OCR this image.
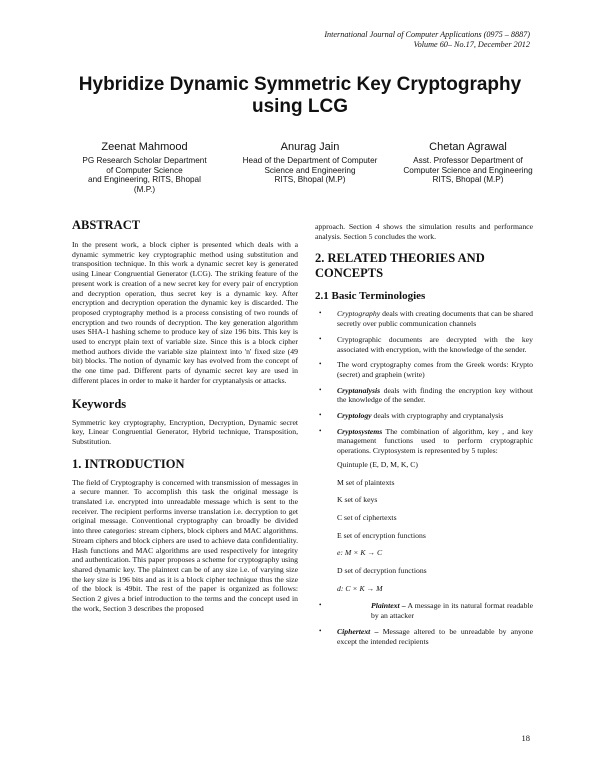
International Journal of Computer Applications (0975 – 8887)
Volume 60– No.17, December 2012
Hybridize Dynamic Symmetric Key Cryptography
using LCG
Zeenat Mahmood
PG Research Scholar Department
of Computer Science
and Engineering, RITS, Bhopal
(M.P.)
Anurag Jain
Head of the Department of Computer
Science and Engineering
RITS, Bhopal (M.P)
Chetan Agrawal
Asst. Professor Department of
Computer Science and Engineering
RITS, Bhopal (M.P)
ABSTRACT

In the present work, a block cipher is presented which deals with a dynamic symmetric key cryptographic method using substitution and transposition technique. In this work a dynamic secret key is generated using Linear Congruential Generator (LCG). The striking feature of the present work is creation of a new secret key for every pair of encryption and decryption operation, thus secret key is a dynamic key. After encryption and decryption operation the dynamic key is discarded. The proposed cryptography method is a process consisting of two rounds of encryption and two rounds of decryption. The key generation algorithm uses SHA-1 hashing scheme to produce key of size 196 bits. This key is used to encrypt plain text of variable size. Since this is a block cipher method authors divide the variable size plaintext into 'n' fixed size (49 bit) blocks. The notion of dynamic key has evolved from the concept of the one time pad. Different parts of dynamic secret key are used in different places in order to make it harder for cryptanalysis or attacks.

Keywords

Symmetric key cryptography, Encryption, Decryption, Dynamic secret key, Linear Congruential Generator, Hybrid technique, Transposition, Substitution.

1. INTRODUCTION

The field of Cryptography is concerned with transmission of messages in a secure manner. To accomplish this task the original message is translated i.e. encrypted into unreadable message which is sent to the receiver. The recipient performs inverse translation i.e. decryption to get original message. Conventional cryptography can broadly be divided into three categories: stream ciphers, block ciphers and MAC algorithms. Stream ciphers and block ciphers are used to achieve data confidentiality. Hash functions and MAC algorithms are used respectively for integrity and authentication. This paper proposes a scheme for cryptography using shared dynamic key. The plaintext can be of any size i.e. of varying size the key size is 196 bits and as it is a block cipher technique thus the size of the block is 49bit. The rest of the paper is organized as follows: Section 2 gives a brief introduction to the terms and the concept used in the work, Section 3 describes the proposed

approach. Section 4 shows the simulation results and performance analysis. Section 5 concludes the work.

2. RELATED THEORIES AND
CONCEPTS
2.1 Basic Terminologies
• Cryptography deals with creating documents that can be shared secretly over public communication channels
• Cryptographic documents are decrypted with the key associated with encryption, with the knowledge of the sender.
• The word cryptography comes from the Greek words: Krypto (secret) and graphein (write)
• Cryptanalysis deals with finding the encryption key without the knowledge of the sender.
• Cryptology deals with cryptography and cryptanalysis
• Cryptosystems The combination of algorithm, key , and key management functions used to perform cryptographic operations. Cryptosystem is represented by 5 tuples:
Quintuple (E, D, M, K, C)
M set of plaintexts
K set of keys
C set of ciphertexts
E set of encryption functions
e: M × K → C
D set of decryption functions
d: C × K → M
•	Plaintext – A message in its natural format readable by an attacker
• Ciphertext – Message altered to be unreadable by anyone except the intended recipients
18
